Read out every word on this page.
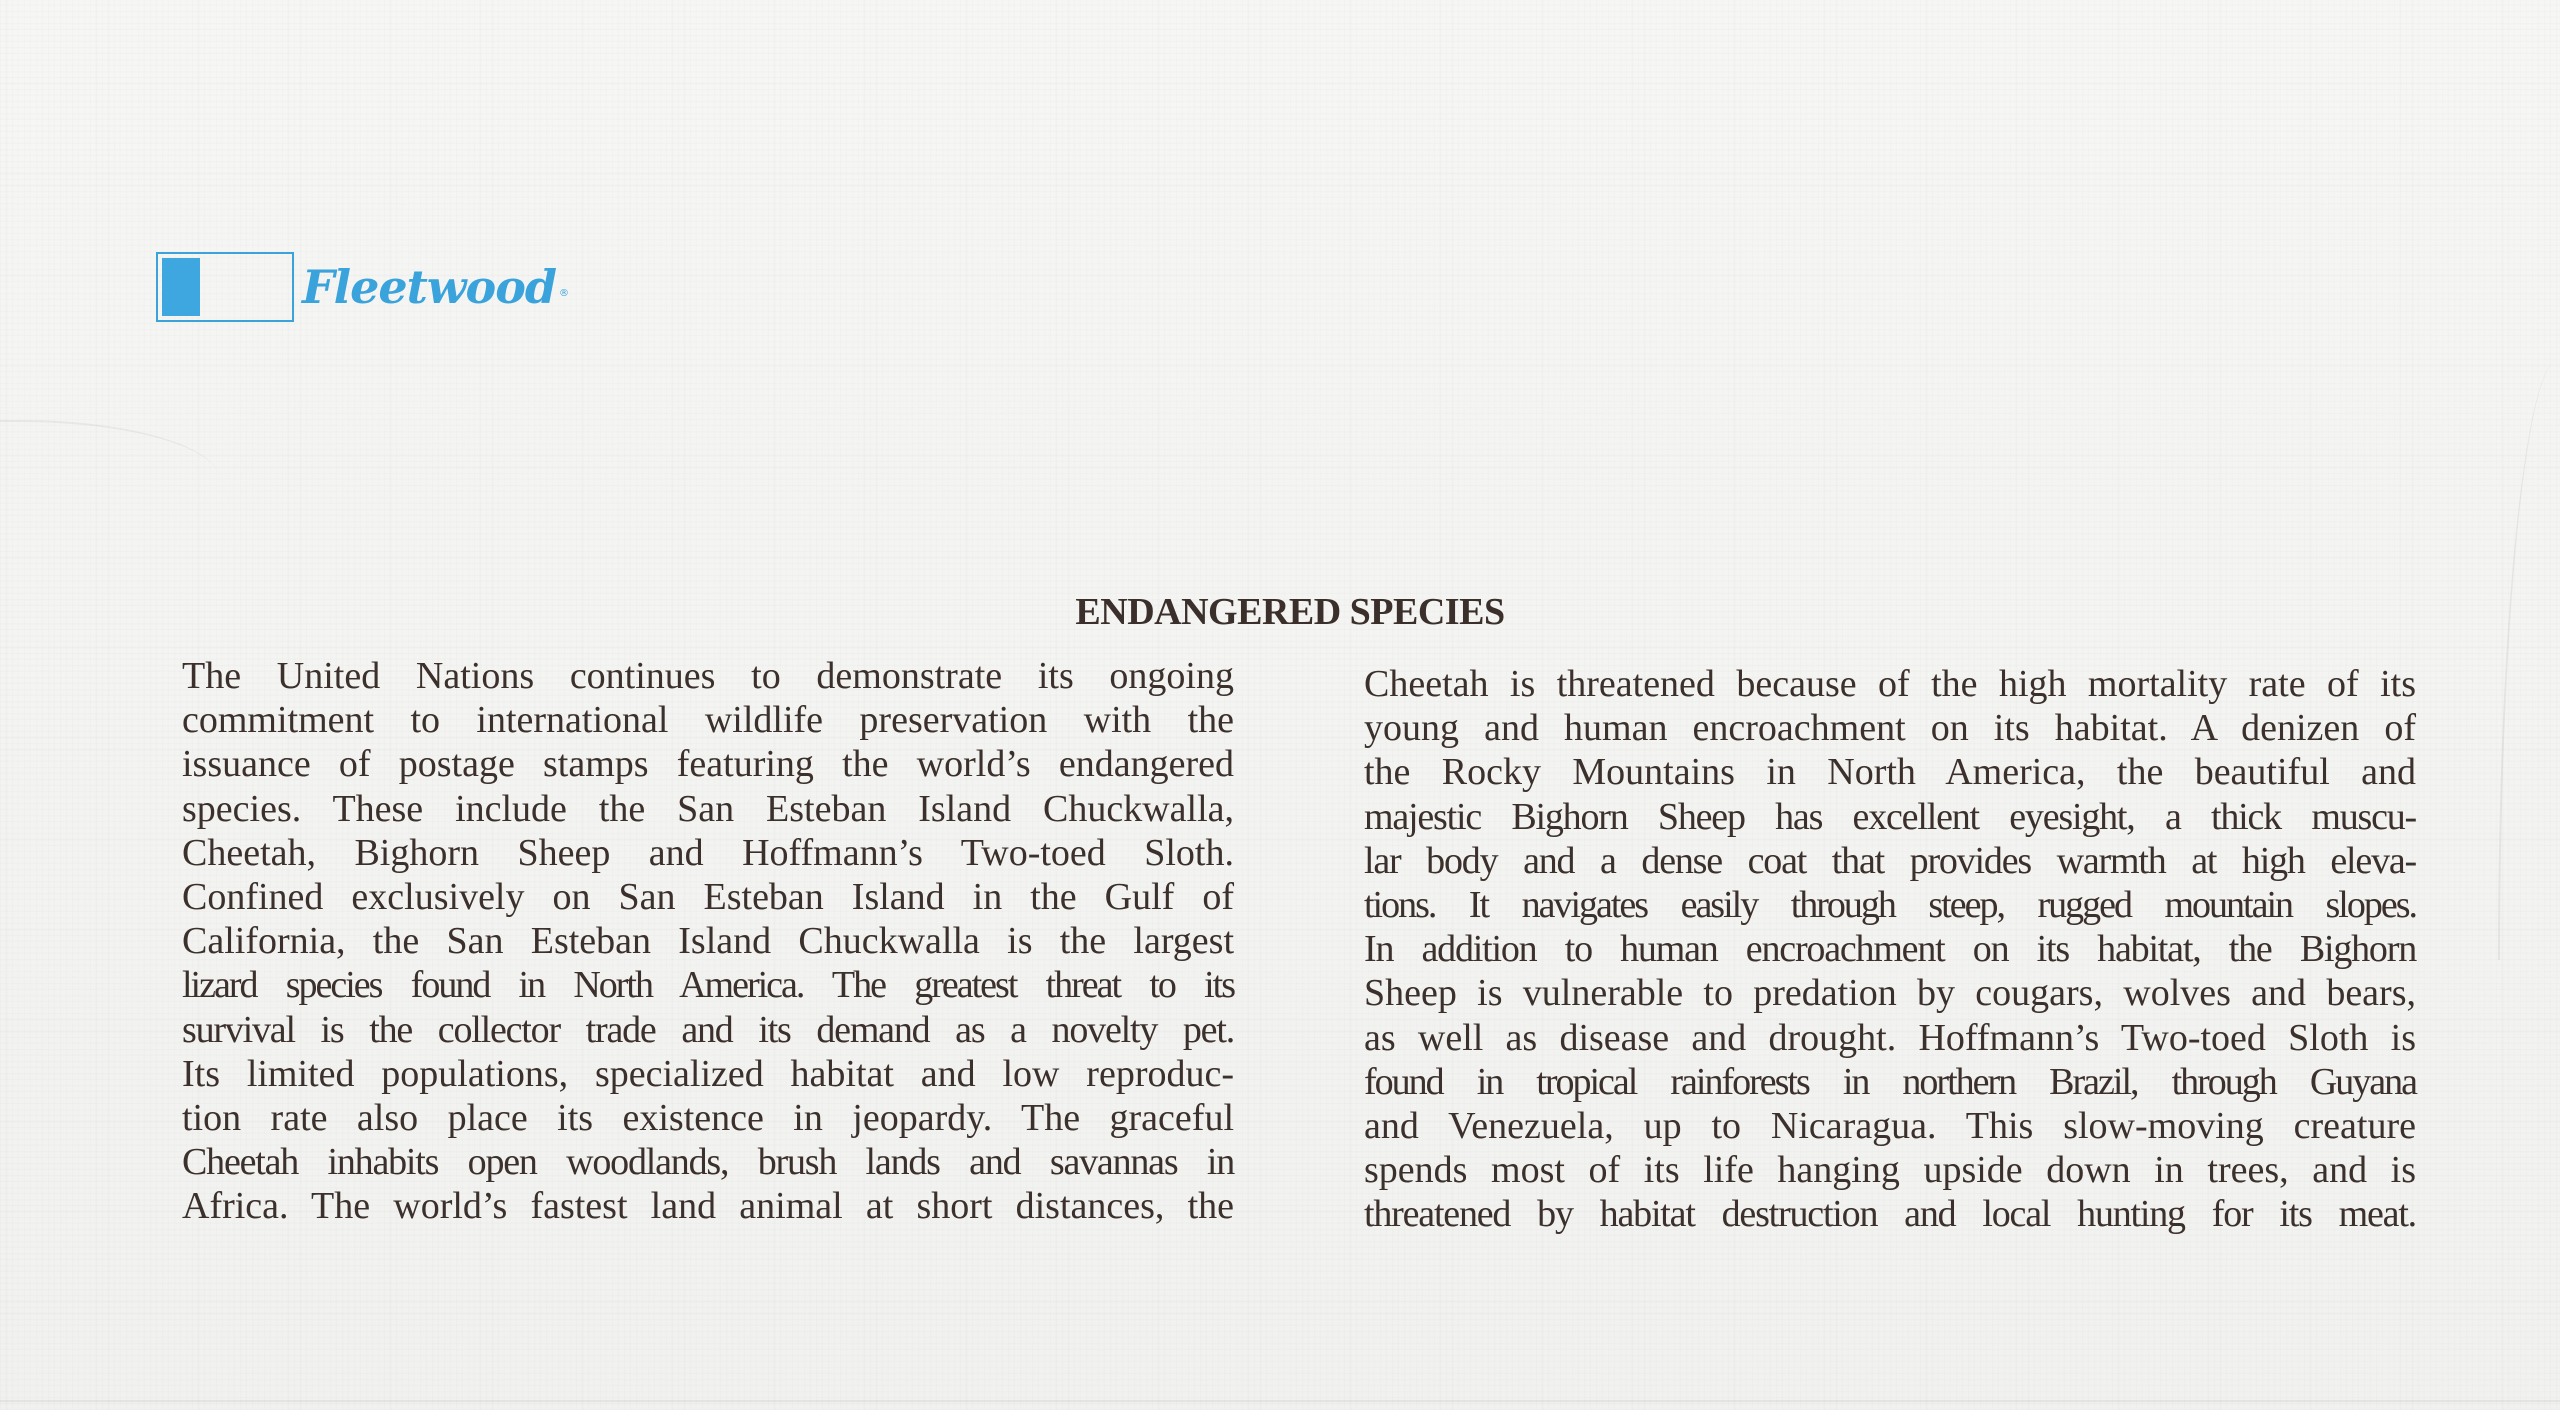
Fleetwood ®
ENDANGERED SPECIES
The United Nations continues to demonstrate its ongoing
commitment to international wildlife preservation with the
issuance of postage stamps featuring the world’s endangered
species. These include the San Esteban Island Chuckwalla,
Cheetah, Bighorn Sheep and Hoffmann’s Two-toed Sloth.
Confined exclusively on San Esteban Island in the Gulf of
California, the San Esteban Island Chuckwalla is the largest
lizard species found in North America. The greatest threat to its
survival is the collector trade and its demand as a novelty pet.
Its limited populations, specialized habitat and low reproduc-
tion rate also place its existence in jeopardy. The graceful
Cheetah inhabits open woodlands, brush lands and savannas in
Africa. The world’s fastest land animal at short distances, the
Cheetah is threatened because of the high mortality rate of its
young and human encroachment on its habitat. A denizen of
the Rocky Mountains in North America, the beautiful and
majestic Bighorn Sheep has excellent eyesight, a thick muscu-
lar body and a dense coat that provides warmth at high eleva-
tions. It navigates easily through steep, rugged mountain slopes.
In addition to human encroachment on its habitat, the Bighorn
Sheep is vulnerable to predation by cougars, wolves and bears,
as well as disease and drought. Hoffmann’s Two-toed Sloth is
found in tropical rainforests in northern Brazil, through Guyana
and Venezuela, up to Nicaragua. This slow-moving creature
spends most of its life hanging upside down in trees, and is
threatened by habitat destruction and local hunting for its meat.
